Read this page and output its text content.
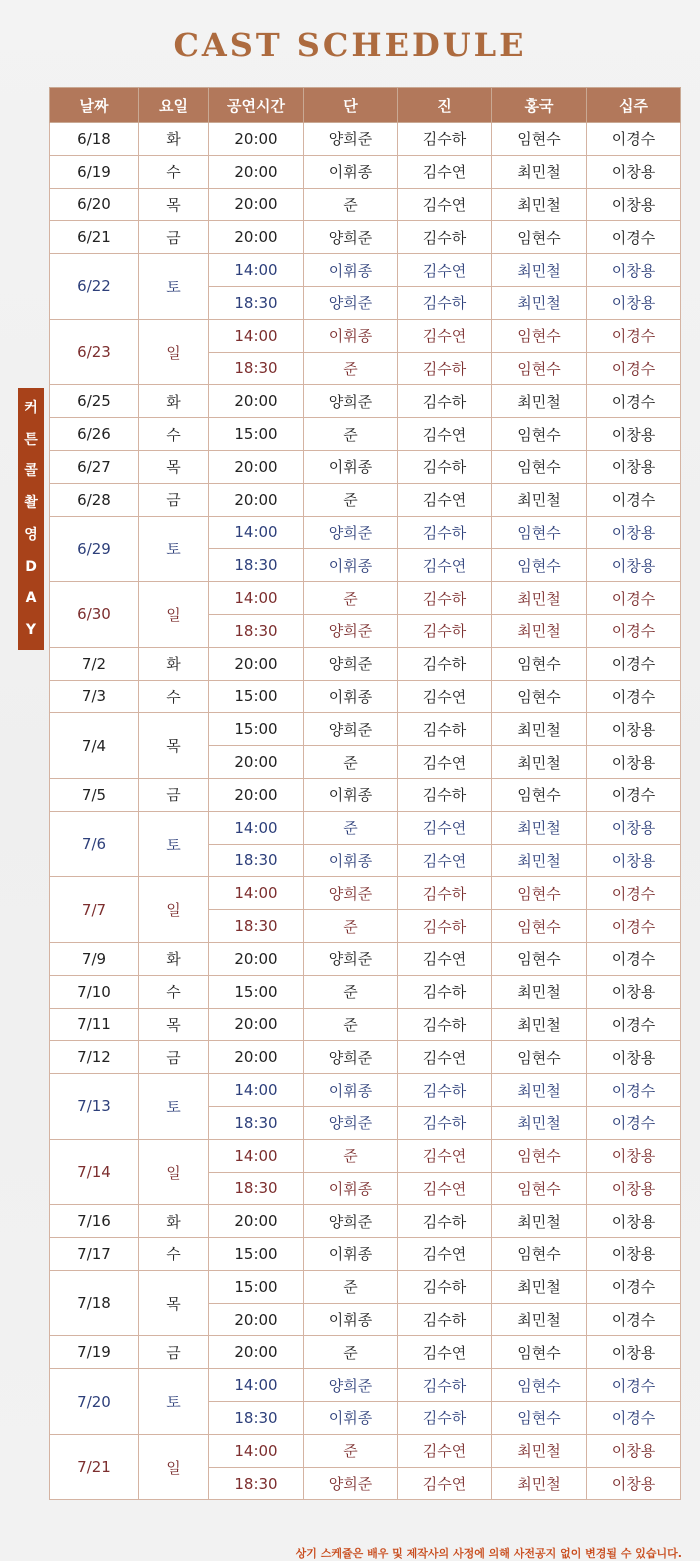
CAST SCHEDULE
커
튼
콜
촬
영
D
A
Y
날짜	요일	공연시간	단	진	홍국	십주
6/18	화	20:00	양희준	김수하	임현수	이경수
6/19	수	20:00	이휘종	김수연	최민철	이창용
6/20	목	20:00	준	김수연	최민철	이창용
6/21	금	20:00	양희준	김수하	임현수	이경수
6/22	토	14:00	이휘종	김수연	최민철	이창용
		18:30	양희준	김수하	최민철	이창용
6/23	일	14:00	이휘종	김수연	임현수	이경수
		18:30	준	김수하	임현수	이경수
6/25	화	20:00	양희준	김수하	최민철	이경수
6/26	수	15:00	준	김수연	임현수	이창용
6/27	목	20:00	이휘종	김수하	임현수	이창용
6/28	금	20:00	준	김수연	최민철	이경수
6/29	토	14:00	양희준	김수하	임현수	이창용
		18:30	이휘종	김수연	임현수	이창용
6/30	일	14:00	준	김수하	최민철	이경수
		18:30	양희준	김수하	최민철	이경수
7/2	화	20:00	양희준	김수하	임현수	이경수
7/3	수	15:00	이휘종	김수연	임현수	이경수
7/4	목	15:00	양희준	김수하	최민철	이창용
		20:00	준	김수연	최민철	이창용
7/5	금	20:00	이휘종	김수하	임현수	이경수
7/6	토	14:00	준	김수연	최민철	이창용
		18:30	이휘종	김수연	최민철	이창용
7/7	일	14:00	양희준	김수하	임현수	이경수
		18:30	준	김수하	임현수	이경수
7/9	화	20:00	양희준	김수연	임현수	이경수
7/10	수	15:00	준	김수하	최민철	이창용
7/11	목	20:00	준	김수하	최민철	이경수
7/12	금	20:00	양희준	김수연	임현수	이창용
7/13	토	14:00	이휘종	김수하	최민철	이경수
		18:30	양희준	김수하	최민철	이경수
7/14	일	14:00	준	김수연	임현수	이창용
		18:30	이휘종	김수연	임현수	이창용
7/16	화	20:00	양희준	김수하	최민철	이창용
7/17	수	15:00	이휘종	김수연	임현수	이창용
7/18	목	15:00	준	김수하	최민철	이경수
		20:00	이휘종	김수하	최민철	이경수
7/19	금	20:00	준	김수연	임현수	이창용
7/20	토	14:00	양희준	김수하	임현수	이경수
		18:30	이휘종	김수하	임현수	이경수
7/21	일	14:00	준	김수연	최민철	이창용
		18:30	양희준	김수연	최민철	이창용
상기 스케쥴은 배우 및 제작사의 사정에 의해 사전공지 없이 변경될 수 있습니다.
